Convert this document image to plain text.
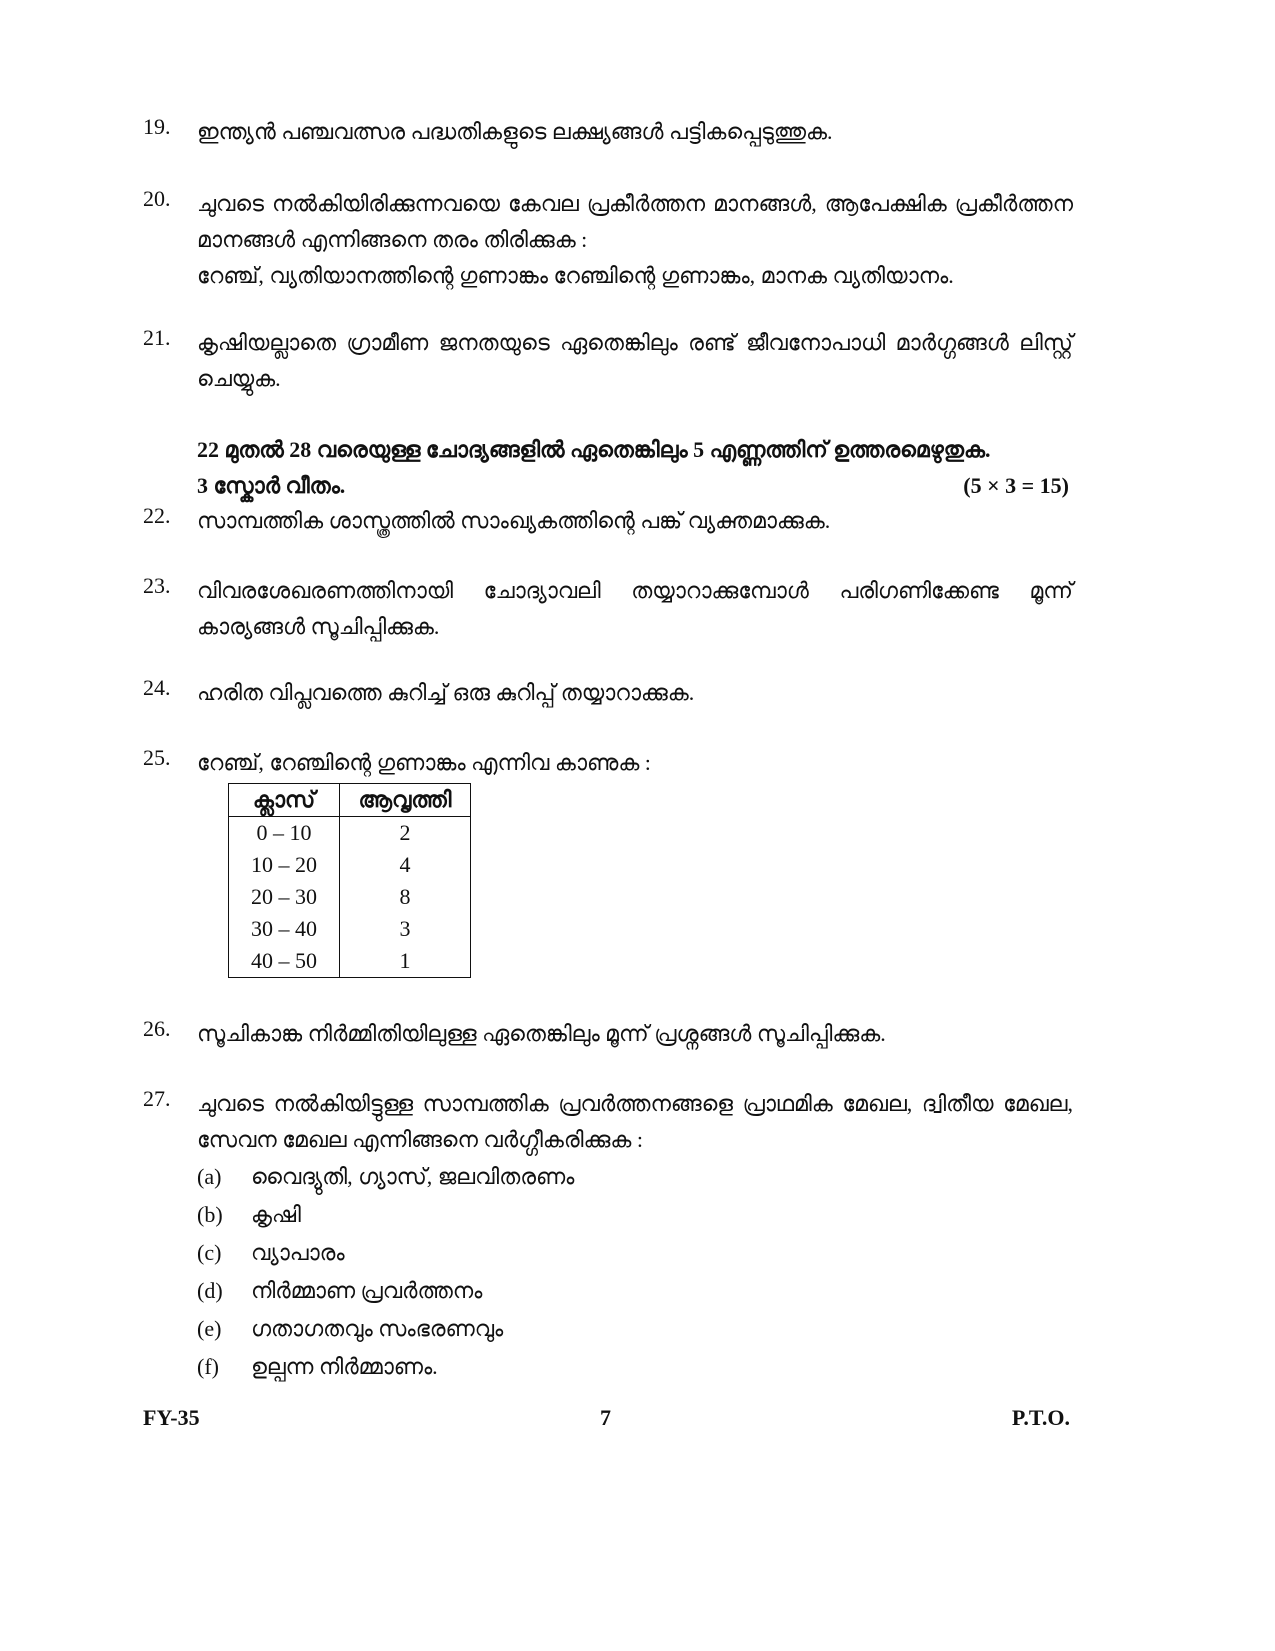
19. ഇന്ത്യൻ പഞ്ചവത്സര പദ്ധതികളുടെ ലക്ഷ്യങ്ങൾ പട്ടികപ്പെടുത്തുക.
20. ചുവടെ നൽകിയിരിക്കുന്നവയെ കേവല പ്രകീർത്തന മാനങ്ങൾ, ആപേക്ഷിക പ്രകീർത്തന മാനങ്ങൾ എന്നിങ്ങനെ തരം തിരിക്കുക :
റേഞ്ച്, വ്യതിയാനത്തിന്റെ ഗുണാങ്കം റേഞ്ചിന്റെ ഗുണാങ്കം, മാനക വ്യതിയാനം.
21. കൃഷിയല്ലാതെ ഗ്രാമീണ ജനതയുടെ ഏതെങ്കിലും രണ്ട് ജീവനോപാധി മാർഗ്ഗങ്ങൾ ലിസ്റ്റ് ചെയ്യുക.
22 മുതൽ 28 വരെയുള്ള ചോദ്യങ്ങളിൽ ഏതെങ്കിലും 5 എണ്ണത്തിന് ഉത്തരമെഴുതുക.
3 സ്കോർ വീതം.	(5 × 3 = 15)
22. സാമ്പത്തിക ശാസ്ത്രത്തിൽ സാംഖ്യകത്തിന്റെ പങ്ക് വ്യക്തമാക്കുക.
23. വിവരശേഖരണത്തിനായി ചോദ്യാവലി തയ്യാറാക്കുമ്പോൾ പരിഗണിക്കേണ്ട മൂന്ന് കാര്യങ്ങൾ സൂചിപ്പിക്കുക.
24. ഹരിത വിപ്ലവത്തെ കുറിച്ച് ഒരു കുറിപ്പ് തയ്യാറാക്കുക.
25. റേഞ്ച്, റേഞ്ചിന്റെ ഗുണാങ്കം എന്നിവ കാണുക :
ക്ലാസ്	ആവൃത്തി
0 – 10	2
10 – 20	4
20 – 30	8
30 – 40	3
40 – 50	1
26. സൂചികാങ്ക നിർമ്മിതിയിലുള്ള ഏതെങ്കിലും മൂന്ന് പ്രശ്നങ്ങൾ സൂചിപ്പിക്കുക.
27. ചുവടെ നൽകിയിട്ടുള്ള സാമ്പത്തിക പ്രവർത്തനങ്ങളെ പ്രാഥമിക മേഖല, ദ്വിതീയ മേഖല, സേവന മേഖല എന്നിങ്ങനെ വർഗ്ഗീകരിക്കുക :
(a)	വൈദ്യുതി, ഗ്യാസ്, ജലവിതരണം
(b)	കൃഷി
(c)	വ്യാപാരം
(d)	നിർമ്മാണ പ്രവർത്തനം
(e)	ഗതാഗതവും സംഭരണവും
(f)	ഉല്പന്ന നിർമ്മാണം.
FY-35	7	P.T.O.
